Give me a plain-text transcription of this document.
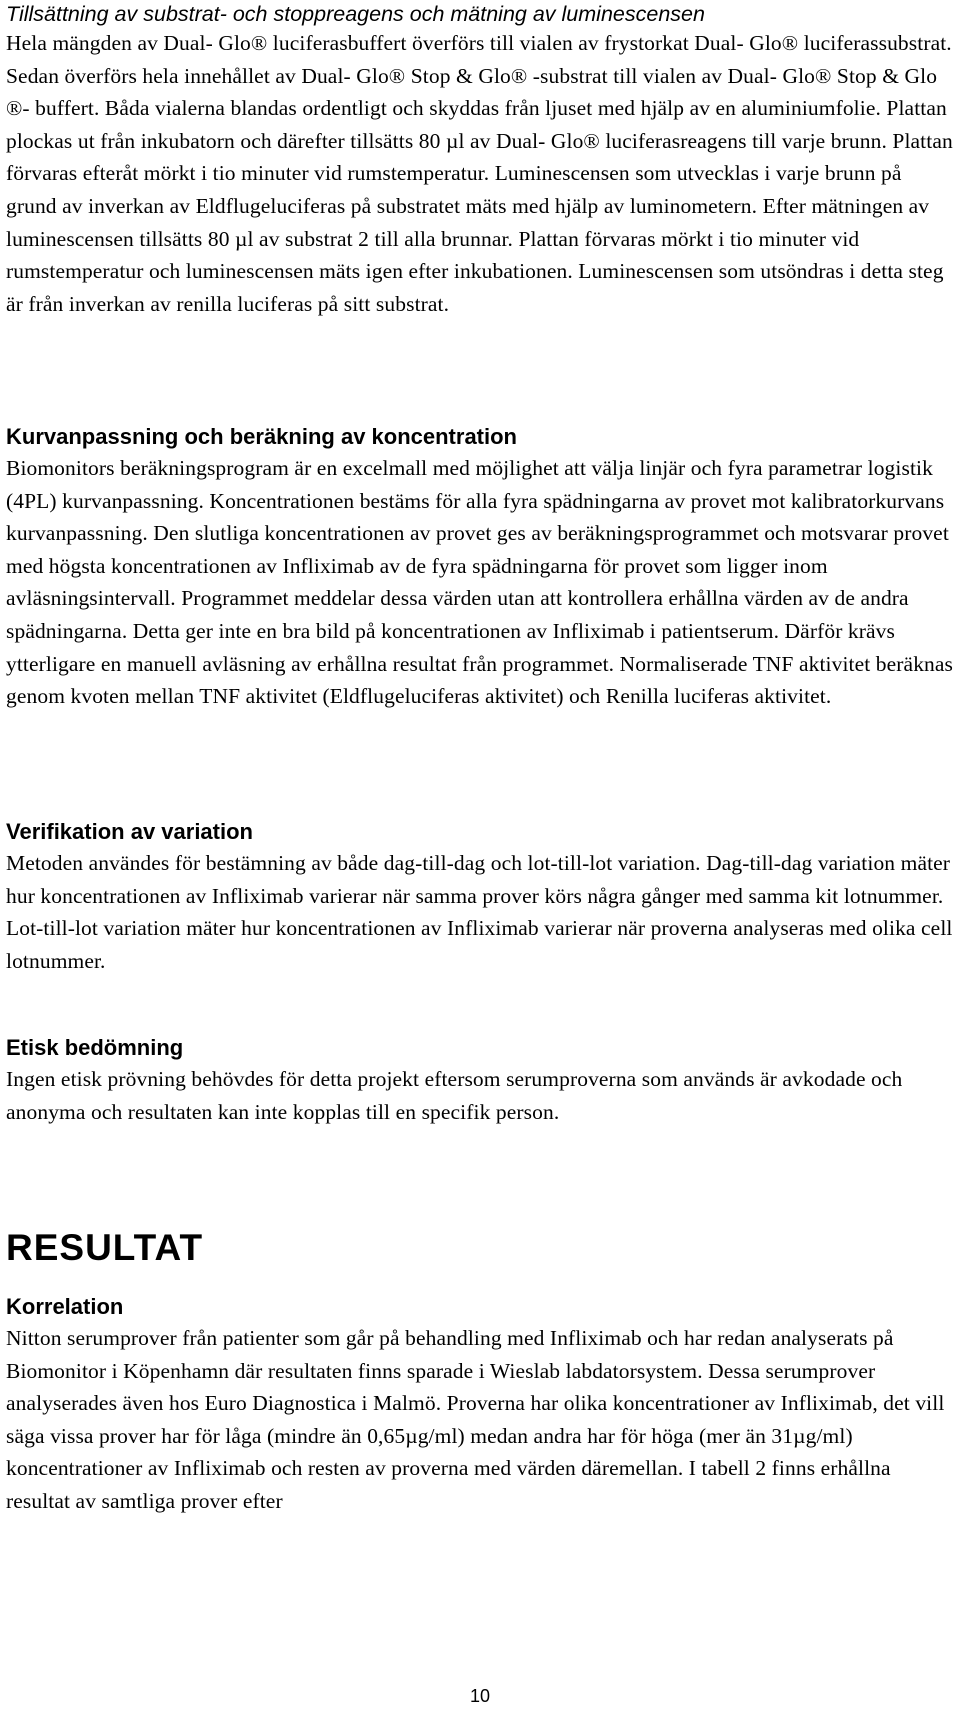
Tillsättning av substrat- och stoppreagens och mätning av luminescensen

Hela mängden av Dual- Glo® luciferasbuffert överförs till vialen av frystorkat Dual- Glo® luciferassubstrat. Sedan överförs hela innehållet av Dual- Glo® Stop & Glo® -substrat till vialen av Dual- Glo® Stop & Glo ®- buffert. Båda vialerna blandas ordentligt och skyddas från ljuset med hjälp av en aluminiumfolie. Plattan plockas ut från inkubatorn och därefter tillsätts 80 µl av Dual- Glo® luciferasreagens till varje brunn. Plattan förvaras efteråt mörkt i tio minuter vid rumstemperatur. Luminescensen som utvecklas i varje brunn på grund av inverkan av Eldflugeluciferas på substratet mäts med hjälp av luminometern. Efter mätningen av luminescensen tillsätts 80 µl av substrat 2 till alla brunnar. Plattan förvaras mörkt i tio minuter vid rumstemperatur och luminescensen mäts igen efter inkubationen. Luminescensen som utsöndras i detta steg är från inverkan av renilla luciferas på sitt substrat.

Kurvanpassning och beräkning av koncentration

Biomonitors beräkningsprogram är en excelmall med möjlighet att välja linjär och fyra parametrar logistik (4PL) kurvanpassning. Koncentrationen bestäms för alla fyra spädningarna av provet mot kalibratorkurvans kurvanpassning. Den slutliga koncentrationen av provet ges av beräkningsprogrammet och motsvarar provet med högsta koncentrationen av Infliximab av de fyra spädningarna för provet som ligger inom avläsningsintervall. Programmet meddelar dessa värden utan att kontrollera erhållna värden av de andra spädningarna. Detta ger inte en bra bild på koncentrationen av Infliximab i patientserum. Därför krävs ytterligare en manuell avläsning av erhållna resultat från programmet. Normaliserade TNF aktivitet beräknas genom kvoten mellan TNF aktivitet (Eldflugeluciferas aktivitet) och Renilla luciferas aktivitet.

Verifikation av variation

Metoden användes för bestämning av både dag-till-dag och lot-till-lot variation. Dag-till-dag variation mäter hur koncentrationen av Infliximab varierar när samma prover körs några gånger med samma kit lotnummer. Lot-till-lot variation mäter hur koncentrationen av Infliximab varierar när proverna analyseras med olika cell lotnummer.

Etisk bedömning

Ingen etisk prövning behövdes för detta projekt eftersom serumproverna som används är avkodade och anonyma och resultaten kan inte kopplas till en specifik person.

RESULTAT

Korrelation

Nitton serumprover från patienter som går på behandling med Infliximab och har redan analyserats på Biomonitor i Köpenhamn där resultaten finns sparade i Wieslab labdatorsystem. Dessa serumprover analyserades även hos Euro Diagnostica i Malmö. Proverna har olika koncentrationer av Infliximab, det vill säga vissa prover har för låga (mindre än 0,65µg/ml) medan andra har för höga (mer än 31µg/ml) koncentrationer av Infliximab och resten av proverna med värden däremellan. I tabell 2 finns erhållna resultat av samtliga prover efter

10
